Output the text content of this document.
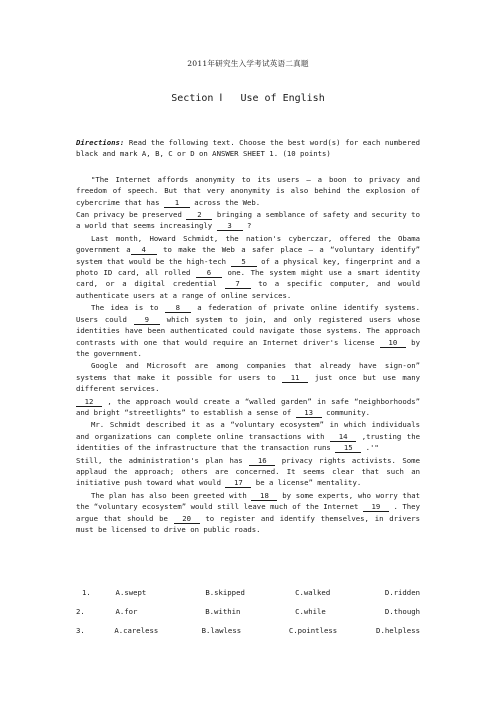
2011年研究生入学考试英语二真题
Section Ⅰ   Use of English

Directions: Read the following text. Choose the best word(s) for each numbered black and mark A, B, C or D on ANSWER SHEET 1. (10 points)

"The Internet affords anonymity to its users — a boon to privacy and freedom of speech. But that very anonymity is also behind the explosion of cybercrime that has 1 across the Web.

Can privacy be preserved 2 bringing a semblance of safety and security to a world that seems increasingly 3 ?

Last month, Howard Schmidt, the nation's cyberczar, offered the Obama government a 4 to make the Web a safer place — a “voluntary identify” system that would be the high-tech 5 of a physical key, fingerprint and a photo ID card, all rolled 6 one. The system might use a smart identity card, or a digital credential	7	to a specific computer, and would authenticate users at a range of online services.

The idea is to 8 a federation of private online identify systems. Users could 9 which system to join, and only registered users whose identities have been authenticated could navigate those systems. The approach contrasts with one that would require an Internet driver's license 10 by the government.

Google and Microsoft are among companies that already have sign-on” systems that make it possible for users to 11 just once but use many different services.

12 , the approach would create a “walled garden” in safe “neighborhoods” and bright “streetlights” to establish a sense of 13 community.

Mr. Schmidt described it as a “voluntary ecosystem” in which individuals and organizations can complete online transactions with 14 ,trusting the identities of the infrastructure that the transaction runs 15 .'"

Still, the administration's plan has 16 privacy rights activists. Some applaud the approach; others are concerned. It seems clear that such an initiative push toward what would 17 be a license” mentality.

The plan has also been greeted with 18 by some experts, who worry that the “voluntary ecosystem” would still leave much of the Internet 19 . They argue that should be 20 to register and identify themselves, in drivers must be licensed to drive on public roads.

1.	A.swept	B.skipped	C.walked	D.ridden
2.	A.for	B.within	C.while	D.though
3.	A.careless	B.lawless	C.pointless	D.helpless
